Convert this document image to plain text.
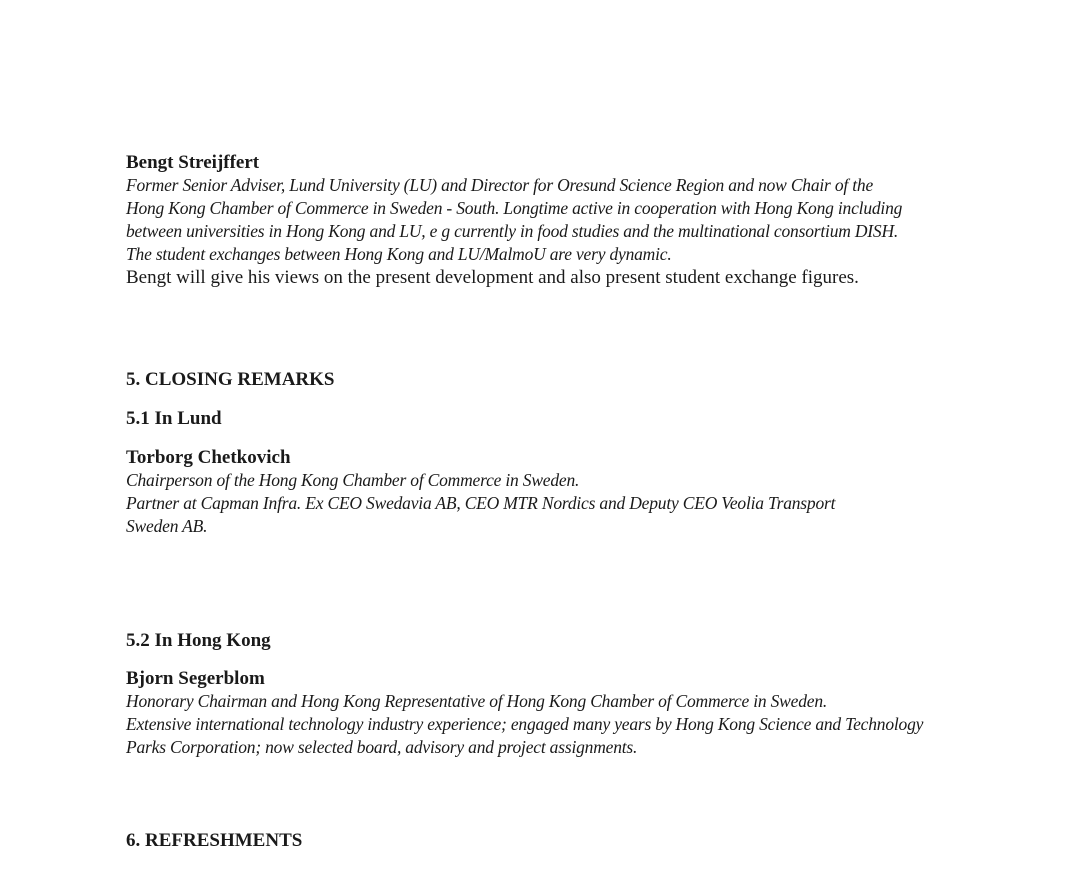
Bengt Streijffert

Former Senior Adviser, Lund University (LU) and Director for Oresund Science Region and now Chair of the

Hong Kong Chamber of Commerce in Sweden - South. Longtime active in cooperation with Hong Kong including

between universities in Hong Kong and LU, e g currently in food studies and the multinational consortium DISH.

The student exchanges between Hong Kong and LU/MalmoU are very dynamic.

Bengt will give his views on the present development and also present student exchange figures.

5. CLOSING REMARKS

5.1 In Lund

Torborg Chetkovich

Chairperson of the Hong Kong Chamber of Commerce in Sweden.

Partner at Capman Infra. Ex CEO Swedavia AB, CEO MTR Nordics and Deputy CEO Veolia Transport

Sweden AB.

5.2 In Hong Kong

Bjorn Segerblom

Honorary Chairman and Hong Kong Representative of Hong Kong Chamber of Commerce in Sweden.

Extensive international technology industry experience; engaged many years by Hong Kong Science and Technology

Parks Corporation; now selected board, advisory and project assignments.

6. REFRESHMENTS
